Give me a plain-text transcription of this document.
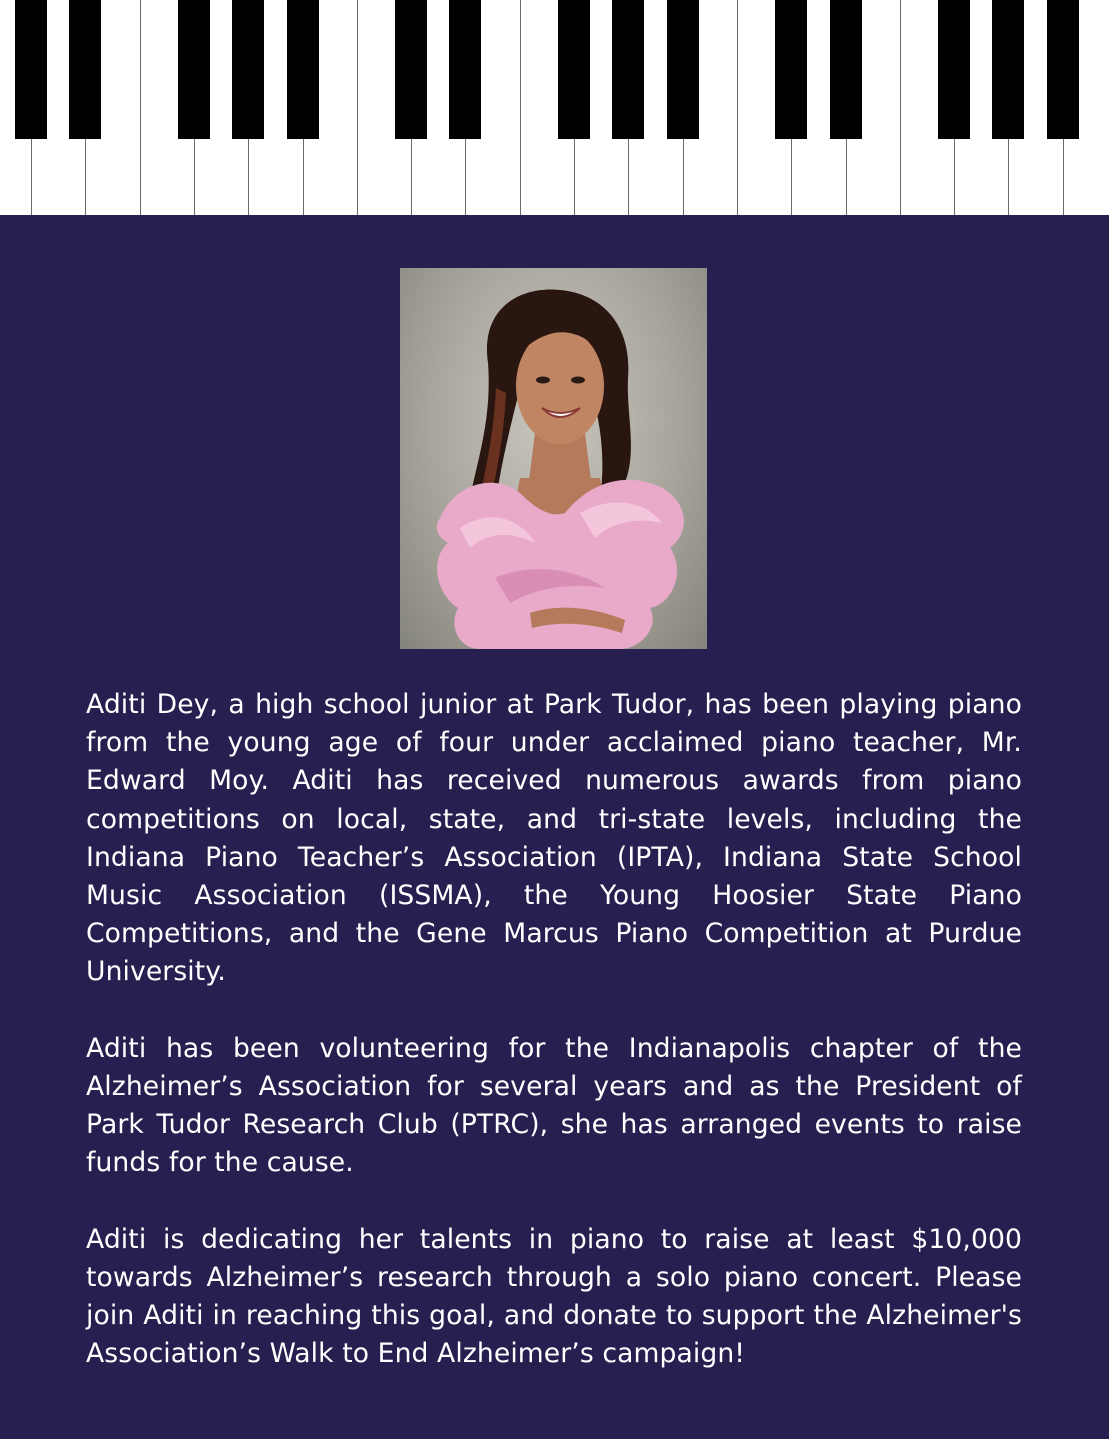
Aditi Dey, a high school junior at Park Tudor, has been playing piano from the young age of four under acclaimed piano teacher, Mr. Edward Moy. Aditi has received numerous awards from piano competitions on local, state, and tri-state levels, including the Indiana Piano Teacher’s Association (IPTA), Indiana State School Music Association (ISSMA), the Young Hoosier State Piano Competitions, and the Gene Marcus Piano Competition at Purdue University.

Aditi has been volunteering for the Indianapolis chapter of the Alzheimer’s Association for several years and as the President of Park Tudor Research Club (PTRC), she has arranged events to raise funds for the cause.

Aditi is dedicating her talents in piano to raise at least $10,000 towards Alzheimer’s research through a solo piano concert. Please join Aditi in reaching this goal, and donate to support the Alzheimer's Association’s Walk to End Alzheimer’s campaign!
